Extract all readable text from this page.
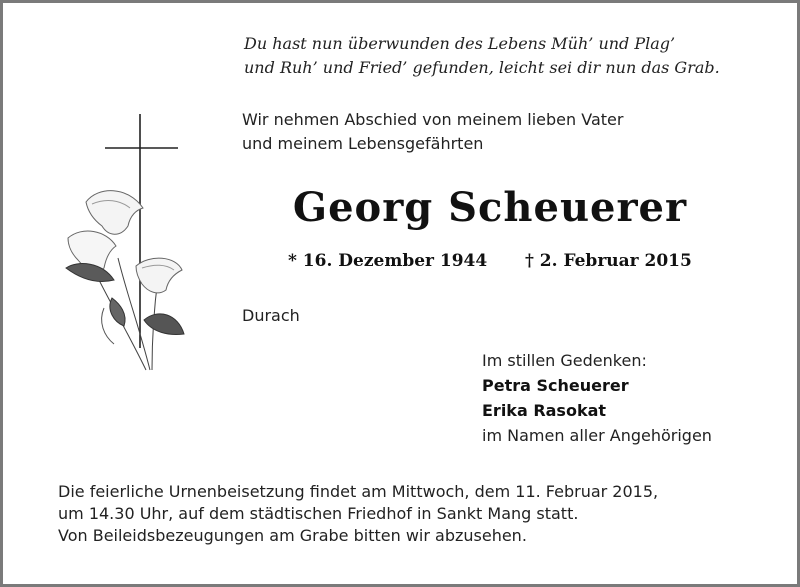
Du hast nun überwunden des Lebens Müh’ und Plag’
und Ruh’ und Fried’ gefunden, leicht sei dir nun das Grab.
Wir nehmen Abschied von meinem lieben Vater
und meinem Lebensgefährten
Georg Scheuerer
* 16. Dezember 1944 † 2. Februar 2015
Durach
Im stillen Gedenken:
Petra Scheuerer
Erika Rasokat
im Namen aller Angehörigen
Die feierliche Urnenbeisetzung findet am Mittwoch, dem 11. Februar 2015,
um 14.30 Uhr, auf dem städtischen Friedhof in Sankt Mang statt.
Von Beileidsbezeugungen am Grabe bitten wir abzusehen.
